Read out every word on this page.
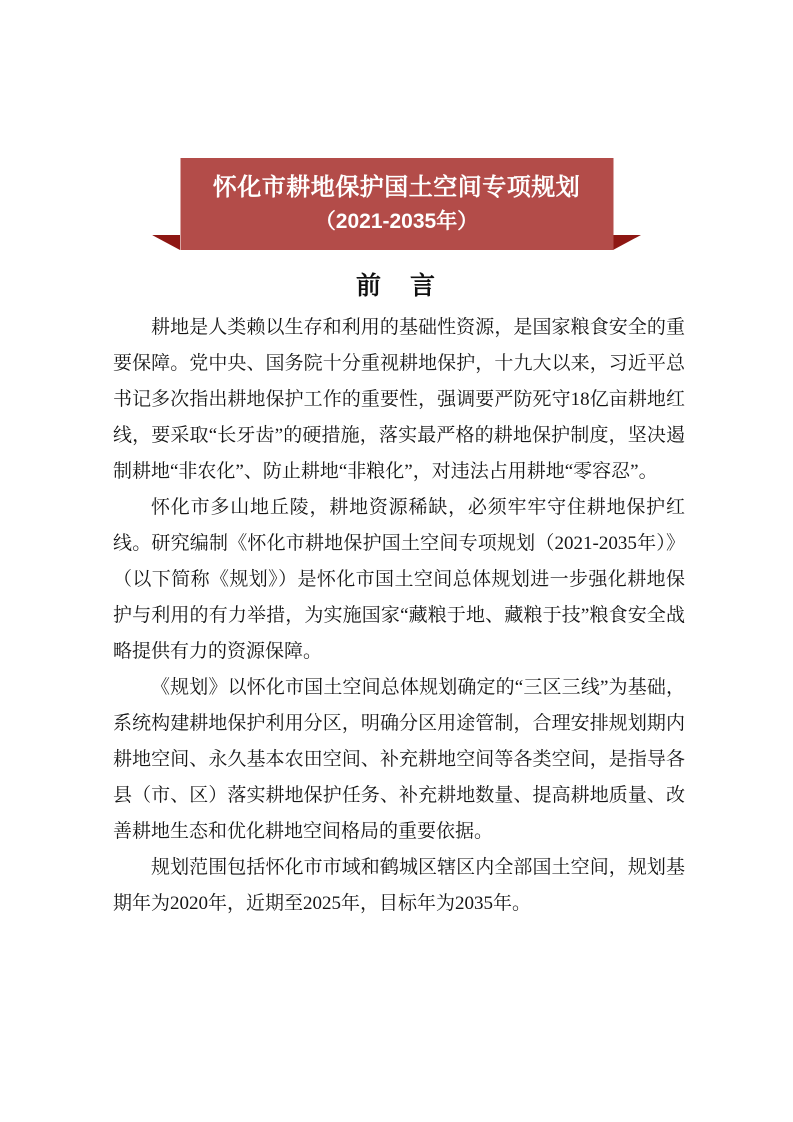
怀化市耕地保护国土空间专项规划
（2021-2035年）
前　言

耕地是人类赖以生存和利用的基础性资源，是国家粮食安全的重要保障。党中央、国务院十分重视耕地保护，十九大以来，习近平总书记多次指出耕地保护工作的重要性，强调要严防死守18亿亩耕地红线，要采取“长牙齿”的硬措施，落实最严格的耕地保护制度，坚决遏制耕地“非农化”、防止耕地“非粮化”，对违法占用耕地“零容忍”。

怀化市多山地丘陵，耕地资源稀缺，必须牢牢守住耕地保护红线。研究编制《怀化市耕地保护国土空间专项规划（2021-2035年）》（以下简称《规划》）是怀化市国土空间总体规划进一步强化耕地保护与利用的有力举措，为实施国家“藏粮于地、藏粮于技”粮食安全战略提供有力的资源保障。

《规划》以怀化市国土空间总体规划确定的“三区三线”为基础，系统构建耕地保护利用分区，明确分区用途管制，合理安排规划期内耕地空间、永久基本农田空间、补充耕地空间等各类空间，是指导各县（市、区）落实耕地保护任务、补充耕地数量、提高耕地质量、改善耕地生态和优化耕地空间格局的重要依据。

规划范围包括怀化市市域和鹤城区辖区内全部国土空间，规划基期年为2020年，近期至2025年，目标年为2035年。
